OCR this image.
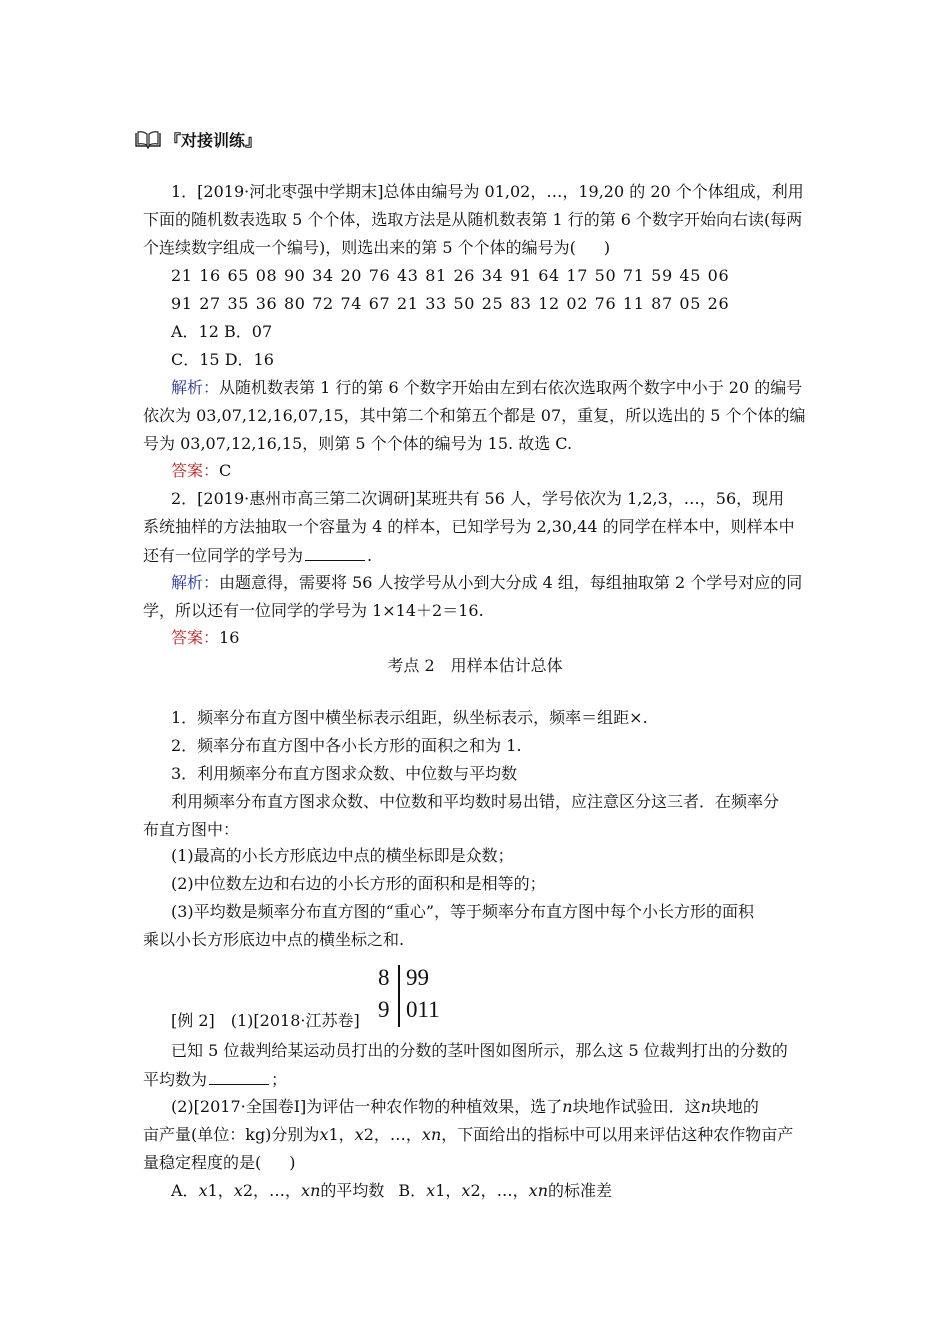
『对接训练』
1．[2019·河北枣强中学期末]总体由编号为 01,02，…，19,20 的 20 个个体组成，利用
下面的随机数表选取 5 个个体，选取方法是从随机数表第 1 行的第 6 个数字开始向右读(每两
个连续数字组成一个编号)，则选出来的第 5 个个体的编号为( )
21 16 65 08 90 34 20 76 43 81 26 34 91 64 17 50 71 59 45 06
91 27 35 36 80 72 74 67 21 33 50 25 83 12 02 76 11 87 05 26
A．12 B．07
C．15 D．16
解析：从随机数表第 1 行的第 6 个数字开始由左到右依次选取两个数字中小于 20 的编号
依次为 03,07,12,16,07,15，其中第二个和第五个都是 07，重复，所以选出的 5 个个体的编
号为 03,07,12,16,15，则第 5 个个体的编号为 15. 故选 C.
答案：C
2．[2019·惠州市高三第二次调研]某班共有 56 人，学号依次为 1,2,3，…，56，现用
系统抽样的方法抽取一个容量为 4 的样本，已知学号为 2,30,44 的同学在样本中，则样本中
还有一位同学的学号为	.
解析：由题意得，需要将 56 人按学号从小到大分成 4 组，每组抽取第 2 个学号对应的同
学，所以还有一位同学的学号为 1×14＋2＝16.
答案：16
考点 2　用样本估计总体
1．频率分布直方图中横坐标表示组距，纵坐标表示，频率＝组距×.
2．频率分布直方图中各小长方形的面积之和为 1.
3．利用频率分布直方图求众数、中位数与平均数
利用频率分布直方图求众数、中位数和平均数时易出错，应注意区分这三者．在频率分
布直方图中：
(1)最高的小长方形底边中点的横坐标即是众数；
(2)中位数左边和右边的小长方形的面积和是相等的；
(3)平均数是频率分布直方图的“重心”，等于频率分布直方图中每个小长方形的面积
乘以小长方形底边中点的横坐标之和.
8 99
9 011
[例 2]　(1)[2018·江苏卷]
已知 5 位裁判给某运动员打出的分数的茎叶图如图所示，那么这 5 位裁判打出的分数的
平均数为	；
(2)[2017·全国卷Ⅰ]为评估一种农作物的种植效果，选了n块地作试验田．这n块地的
亩产量(单位：kg)分别为x1，x2，…，xn，下面给出的指标中可以用来评估这种农作物亩产
量稳定程度的是( )
A．x1，x2，…，xn的平均数 B．x1，x2，…，xn的标准差
